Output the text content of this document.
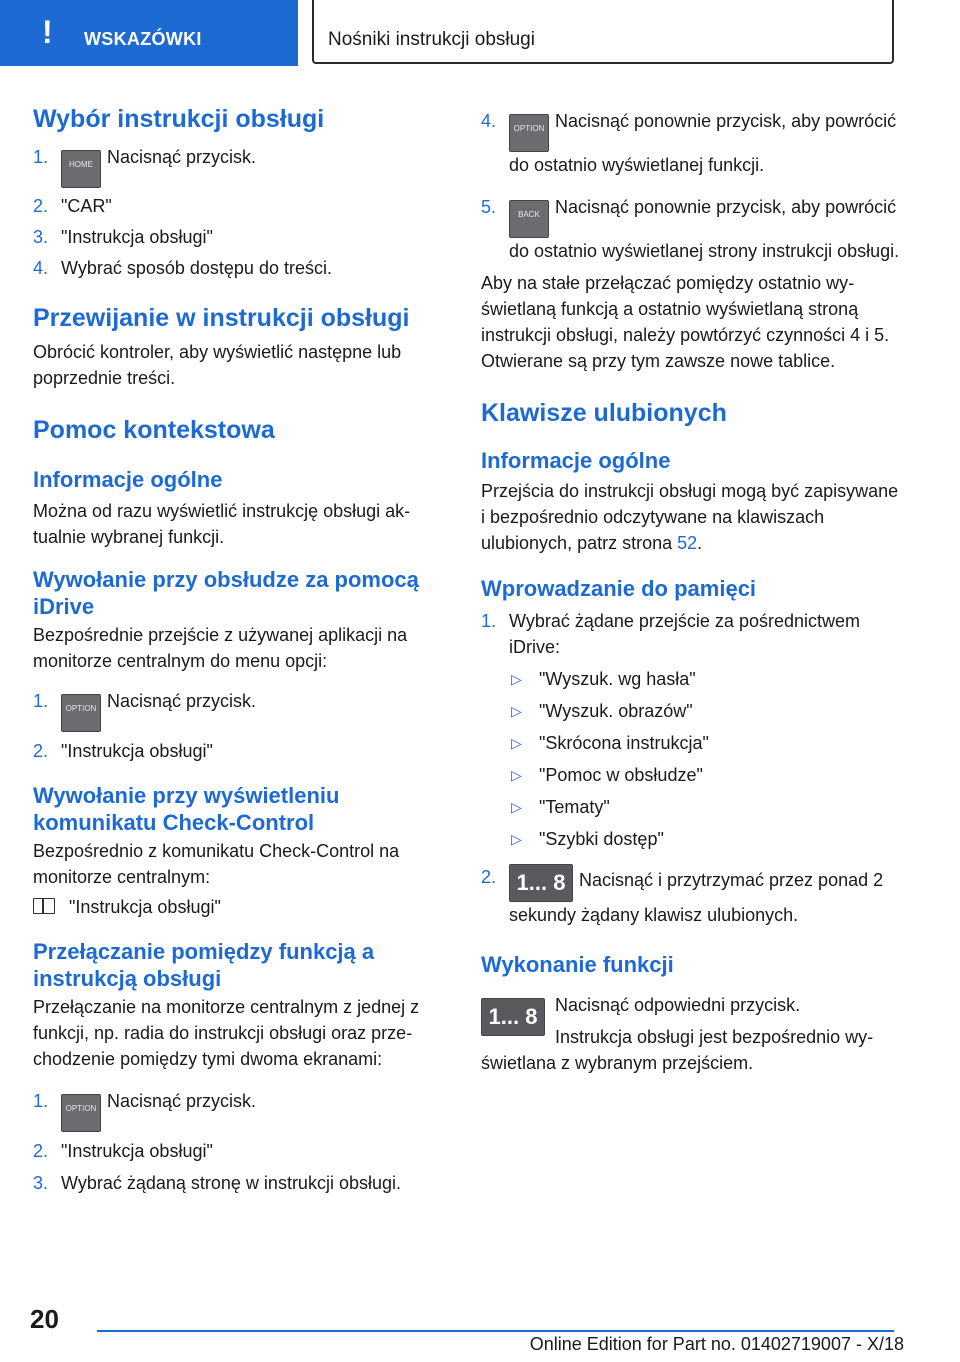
! WSKAZÓWKI	Nośniki instrukcji obsługi
Wybór instrukcji obsługi
1.	HOME Nacisnąć przycisk.
2. "CAR"
3. "Instrukcja obsługi"
4. Wybrać sposób dostępu do treści.
Przewijanie w instrukcji obsługi

Obrócić kontroler, aby wyświetlić następne lub poprzednie treści.

Pomoc kontekstowa
Informacje ogólne

Można od razu wyświetlić instrukcję obsługi aktualnie wybranej funkcji.

Wywołanie przy obsłudze za pomocą iDrive

Bezpośrednie przejście z używanej aplikacji na monitorze centralnym do menu opcji:

1. OPTION Nacisnąć przycisk.
2. "Instrukcja obsługi"
Wywołanie przy wyświetleniu komunikatu Check-Control

Bezpośrednio z komunikatu Check-Control na monitorze centralnym:

"Instrukcja obsługi"
Przełączanie pomiędzy funkcją a instrukcją obsługi

Przełączanie na monitorze centralnym z jednej z funkcji, np. radia do instrukcji obsługi oraz przechodzenie pomiędzy tymi dwoma ekranami:

1. OPTION Nacisnąć przycisk.
2. "Instrukcja obsługi"
3. Wybrać żądaną stronę w instrukcji obsługi.
4. OPTION Nacisnąć ponownie przycisk, aby powrócić do ostatnio wyświetlanej funkcji.
5.	BACK Nacisnąć ponownie przycisk, aby powrócić do ostatnio wyświetlanej strony instrukcji obsługi.

Aby na stałe przełączać pomiędzy ostatnio wyświetlaną funkcją a ostatnio wyświetlaną stroną instrukcji obsługi, należy powtórzyć czynności 4 i 5. Otwierane są przy tym zawsze nowe tablice.

Klawisze ulubionych
Informacje ogólne

Przejścia do instrukcji obsługi mogą być zapisywane i bezpośrednio odczytywane na klawiszach ulubionych, patrz strona 52.

Wprowadzanie do pamięci
1. Wybrać żądane przejście za pośrednictwem iDrive:
▷ "Wyszuk. wg hasła"
▷ "Wyszuk. obrazów"
▷ "Skrócona instrukcja"
▷ "Pomoc w obsłudze"
▷ "Tematy"
▷ "Szybki dostęp"
2. 1... 8 Nacisnąć i przytrzymać przez ponad 2 sekundy żądany klawisz ulubionych.
Wykonanie funkcji
1... 8 Nacisnąć odpowiedni przycisk.

Instrukcja obsługi jest bezpośrednio wyświetlana z wybranym przejściem.

20
Online Edition for Part no. 01402719007 - X/18
